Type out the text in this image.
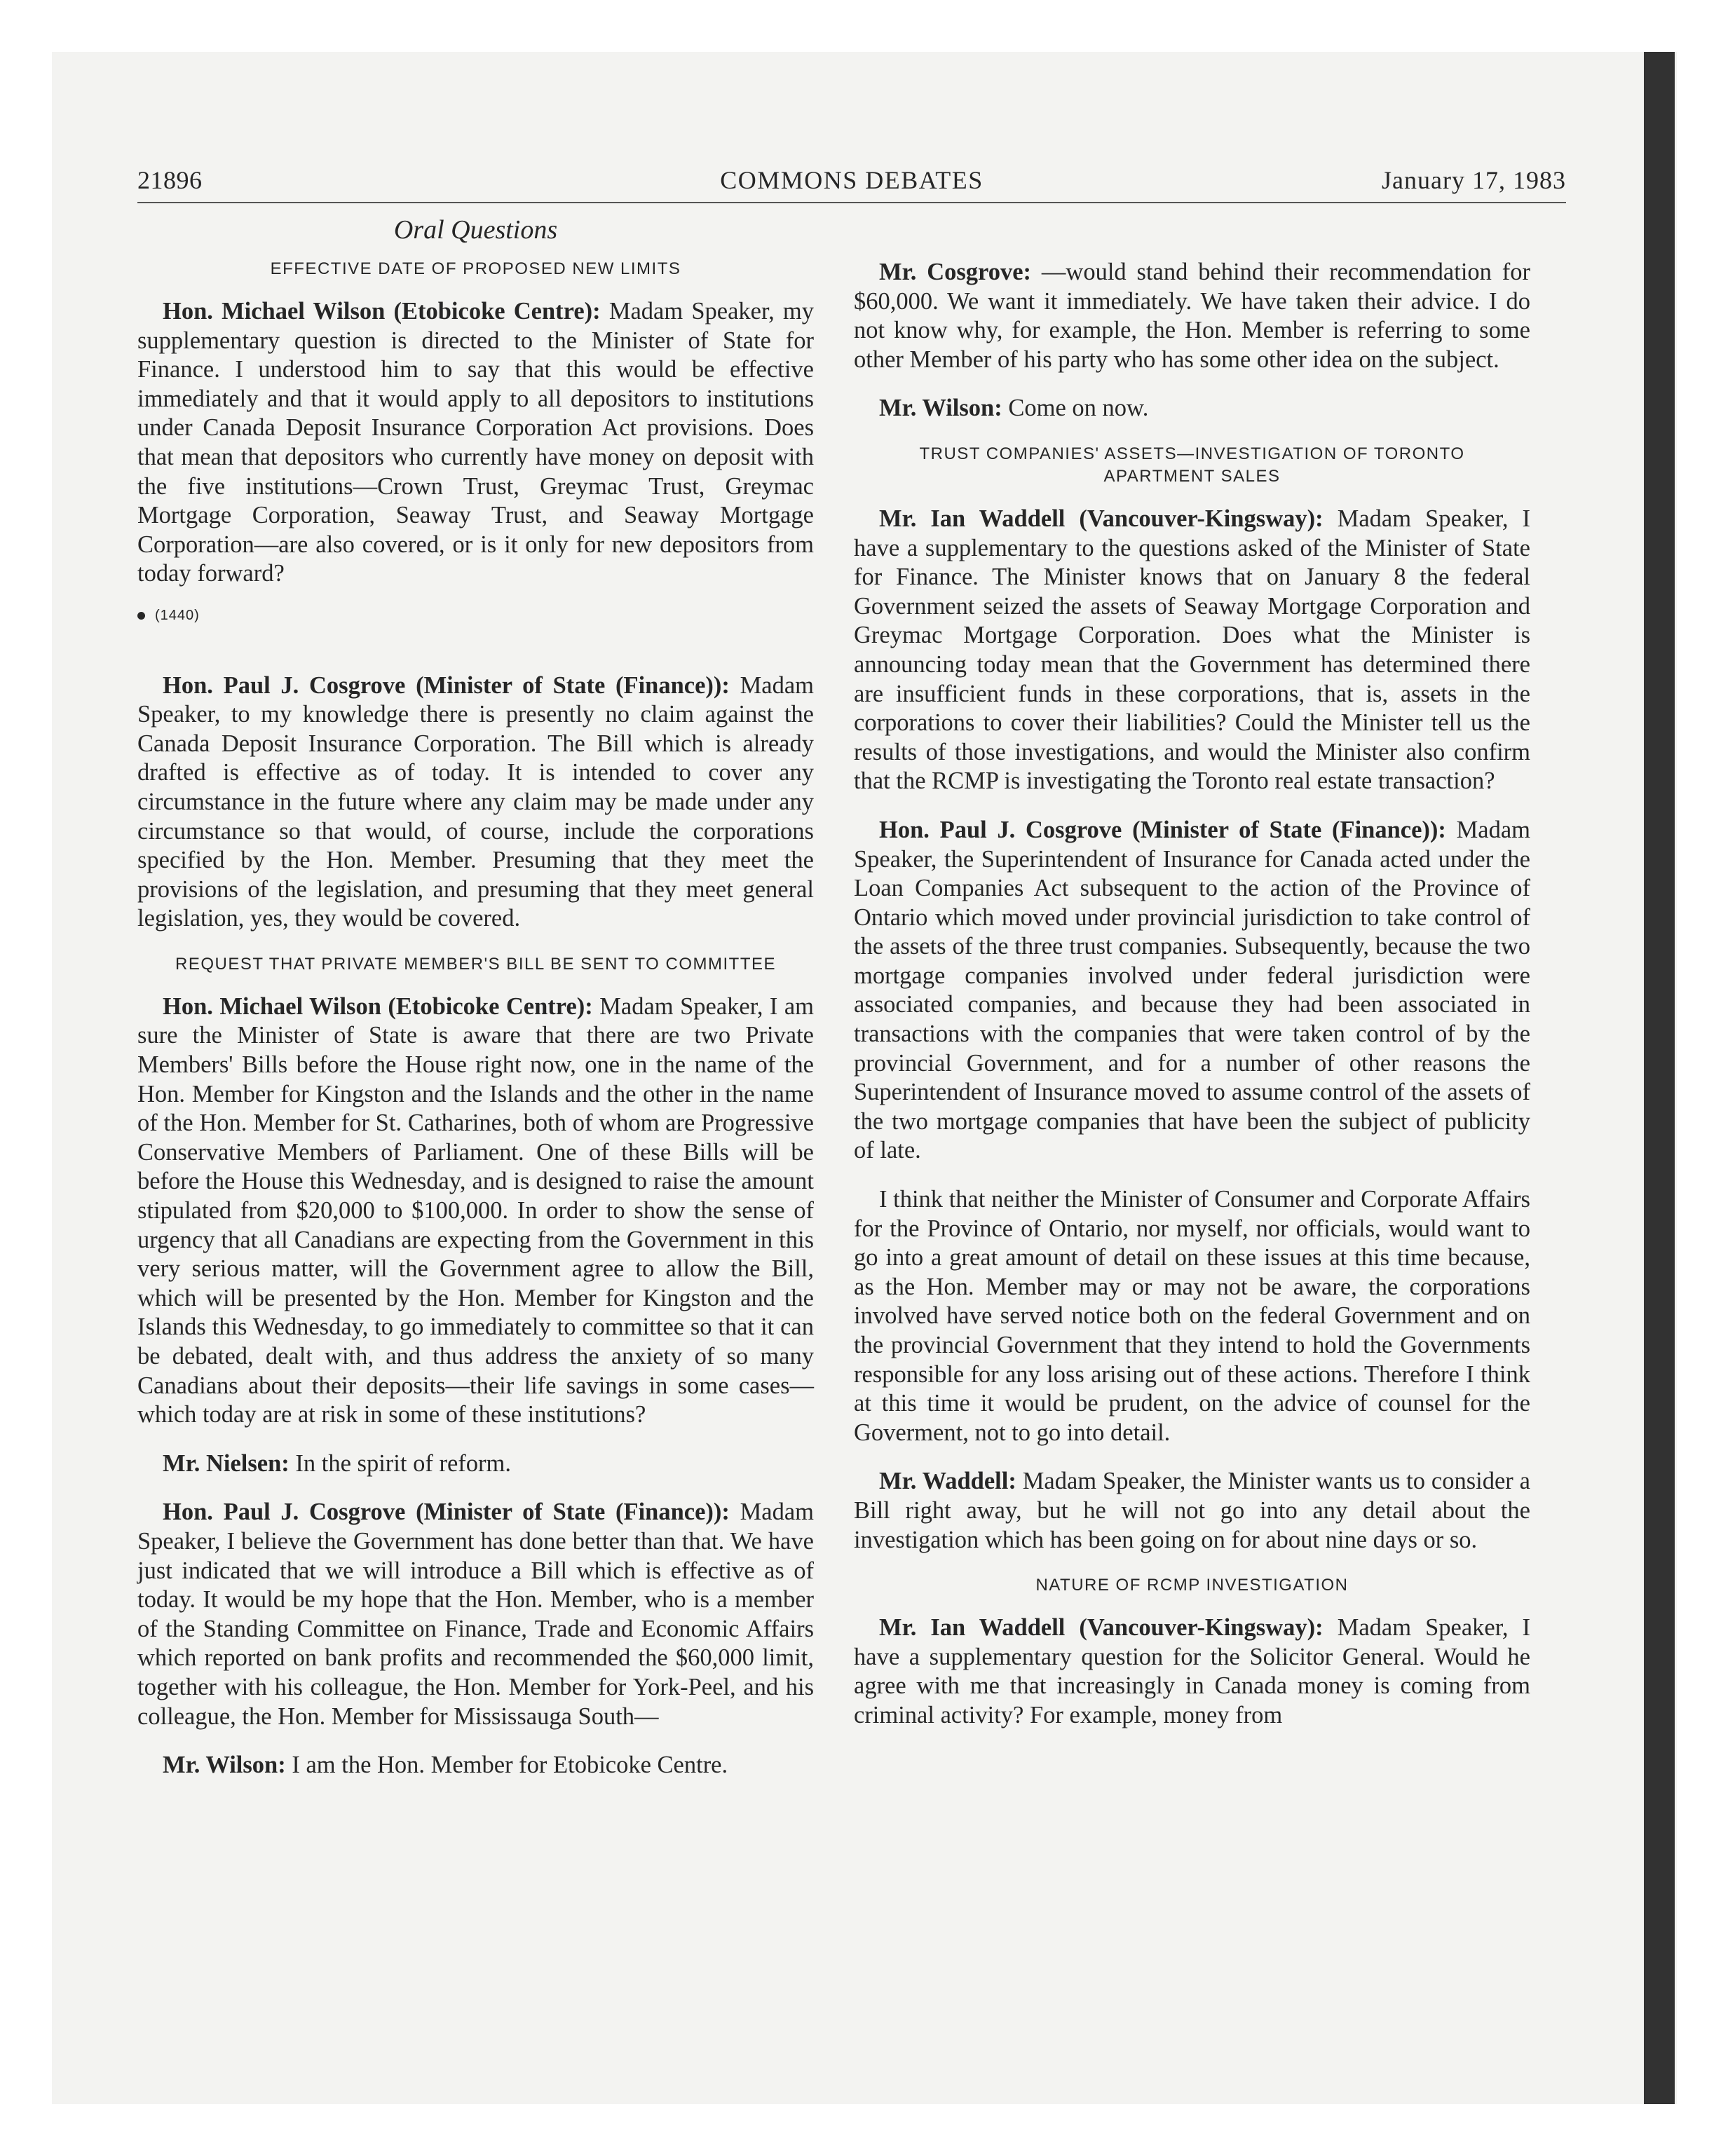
21896	COMMONS DEBATES	January 17, 1983
Oral Questions
EFFECTIVE DATE OF PROPOSED NEW LIMITS

Hon. Michael Wilson (Etobicoke Centre): Madam Speaker, my supplementary question is directed to the Minister of State for Finance. I understood him to say that this would be effective immediately and that it would apply to all depositors to institutions under Canada Deposit Insurance Corporation Act provisions. Does that mean that depositors who currently have money on deposit with the five institutions—Crown Trust, Greymac Trust, Greymac Mortgage Corporation, Seaway Trust, and Seaway Mortgage Corporation—are also covered, or is it only for new depositors from today forward?

(1440)

Hon. Paul J. Cosgrove (Minister of State (Finance)): Madam Speaker, to my knowledge there is presently no claim against the Canada Deposit Insurance Corporation. The Bill which is already drafted is effective as of today. It is intended to cover any circumstance in the future where any claim may be made under any circumstance so that would, of course, include the corporations specified by the Hon. Member. Presuming that they meet the provisions of the legislation, and presuming that they meet general legislation, yes, they would be covered.

REQUEST THAT PRIVATE MEMBER'S BILL BE SENT TO COMMITTEE

Hon. Michael Wilson (Etobicoke Centre): Madam Speaker, I am sure the Minister of State is aware that there are two Private Members' Bills before the House right now, one in the name of the Hon. Member for Kingston and the Islands and the other in the name of the Hon. Member for St. Catharines, both of whom are Progressive Conservative Members of Parliament. One of these Bills will be before the House this Wednesday, and is designed to raise the amount stipulated from $20,000 to $100,000. In order to show the sense of urgency that all Canadians are expecting from the Government in this very serious matter, will the Government agree to allow the Bill, which will be presented by the Hon. Member for Kingston and the Islands this Wednesday, to go immediately to committee so that it can be debated, dealt with, and thus address the anxiety of so many Canadians about their deposits—their life savings in some cases—which today are at risk in some of these institutions?

Mr. Nielsen: In the spirit of reform.

Hon. Paul J. Cosgrove (Minister of State (Finance)): Madam Speaker, I believe the Government has done better than that. We have just indicated that we will introduce a Bill which is effective as of today. It would be my hope that the Hon. Member, who is a member of the Standing Committee on Finance, Trade and Economic Affairs which reported on bank profits and recommended the $60,000 limit, together with his colleague, the Hon. Member for York-Peel, and his colleague, the Hon. Member for Mississauga South—

Mr. Wilson: I am the Hon. Member for Etobicoke Centre.

Mr. Cosgrove: —would stand behind their recommendation for $60,000. We want it immediately. We have taken their advice. I do not know why, for example, the Hon. Member is referring to some other Member of his party who has some other idea on the subject.

Mr. Wilson: Come on now.

TRUST COMPANIES' ASSETS—INVESTIGATION OF TORONTO APARTMENT SALES

Mr. Ian Waddell (Vancouver-Kingsway): Madam Speaker, I have a supplementary to the questions asked of the Minister of State for Finance. The Minister knows that on January 8 the federal Government seized the assets of Seaway Mortgage Corporation and Greymac Mortgage Corporation. Does what the Minister is announcing today mean that the Government has determined there are insufficient funds in these corporations, that is, assets in the corporations to cover their liabilities? Could the Minister tell us the results of those investigations, and would the Minister also confirm that the RCMP is investigating the Toronto real estate transaction?

Hon. Paul J. Cosgrove (Minister of State (Finance)): Madam Speaker, the Superintendent of Insurance for Canada acted under the Loan Companies Act subsequent to the action of the Province of Ontario which moved under provincial jurisdiction to take control of the assets of the three trust companies. Subsequently, because the two mortgage companies involved under federal jurisdiction were associated companies, and because they had been associated in transactions with the companies that were taken control of by the provincial Government, and for a number of other reasons the Superintendent of Insurance moved to assume control of the assets of the two mortgage companies that have been the subject of publicity of late.

I think that neither the Minister of Consumer and Corporate Affairs for the Province of Ontario, nor myself, nor officials, would want to go into a great amount of detail on these issues at this time because, as the Hon. Member may or may not be aware, the corporations involved have served notice both on the federal Government and on the provincial Government that they intend to hold the Governments responsible for any loss arising out of these actions. Therefore I think at this time it would be prudent, on the advice of counsel for the Goverment, not to go into detail.

Mr. Waddell: Madam Speaker, the Minister wants us to consider a Bill right away, but he will not go into any detail about the investigation which has been going on for about nine days or so.

NATURE OF RCMP INVESTIGATION

Mr. Ian Waddell (Vancouver-Kingsway): Madam Speaker, I have a supplementary question for the Solicitor General. Would he agree with me that increasingly in Canada money is coming from criminal activity? For example, money from
